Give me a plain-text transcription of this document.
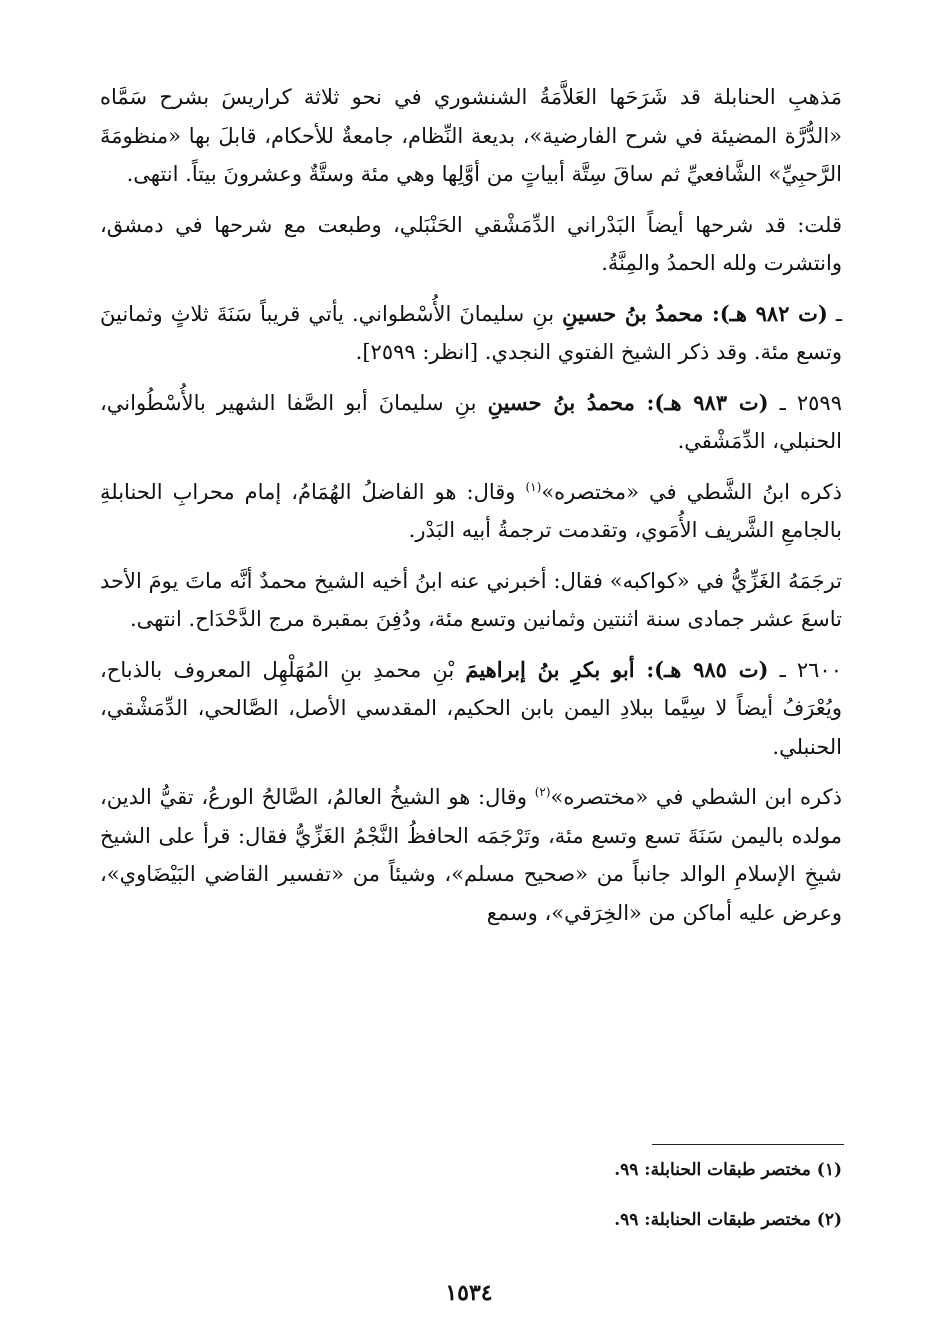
مَذهبِ الحنابلة قد شَرَحَها العَلاَّمَةُ الشنشوري في نحو ثلاثة كراريسَ بشرح سَمَّاه «الدُّرَّة المضيئة في شرح الفارضية»، بديعة النِّظام، جامعةٌ للأحكام، قابلَ بها «منظومَةَ الرَّحبِيِّ» الشَّافعيِّ ثم ساقَ سِتَّة أبياتٍ من أوَّلِها وهي مئة وستَّةٌ وعشرونَ بيتاً. انتهى.

قلت: قد شرحها أيضاً البَدْراني الدِّمَشْقي الحَنْبَلي، وطبعت مع شرحها في دمشق، وانتشرت ولله الحمدُ والمِنَّةُ.

ـ (ت ٩٨٢ هـ): محمدُ بنُ حسينِ بنِ سليمانَ الأُسْطواني. يأتي قريباً سَنَةَ ثلاثٍ وثمانينَ وتسع مئة. وقد ذكر الشيخ الفتوي النجدي. [انظر: ٢٥٩٩].

٢٥٩٩ ـ (ت ٩٨٣ هـ): محمدُ بنُ حسينِ بنِ سليمانَ أبو الصَّفا الشهير بالأُسْطُواني، الحنبلي، الدِّمَشْقي.

ذكره ابنُ الشَّطي في «مختصره»$^{(١)}$ وقال: هو الفاضلُ الهُمَامُ، إمام محرابِ الحنابلةِ بالجامعِ الشَّريف الأُمَوي، وتقدمت ترجمةُ أبيه البَدْر.

ترجَمَهُ الغَزِّيُّ في «كواكبه» فقال: أخبرني عنه ابنُ أخيه الشيخ محمدٌ أنَّه ماتَ يومَ الأحد تاسعَ عشر جمادى سنة اثنتين وثمانين وتسع مئة، ودُفِنَ بمقبرة مرج الدَّحْدَاح. انتهى.

٢٦٠٠ ـ (ت ٩٨٥ هـ): أبو بكرِ بنُ إبراهيمَ بْنِ محمدِ بنِ المُهَلْهِل المعروف بالذباح، ويُعْرَفُ أيضاً لا سِيَّما ببلادِ اليمن بابن الحكيم، المقدسي الأصل، الصَّالحي، الدِّمَشْقي، الحنبلي.

ذكره ابن الشطي في «مختصره»$^{(٢)}$ وقال: هو الشيخُ العالمُ، الصَّالحُ الورعُ، تقيُّ الدين، مولده باليمن سَنَةَ تسع وتسع مئة، وتَرْجَمَه الحافظُ النَّجْمُ الغَزِّيُّ فقال: قرأ على الشيخ شيخِ الإسلامِ الوالد جانباً من «صحيح مسلم»، وشيئاً من «تفسير القاضي البَيْضَاوي»، وعرض عليه أماكن من «الخِرَقي»، وسمع

(١) مختصر طبقات الحنابلة: ٩٩.
(٢) مختصر طبقات الحنابلة: ٩٩.
١٥٣٤
